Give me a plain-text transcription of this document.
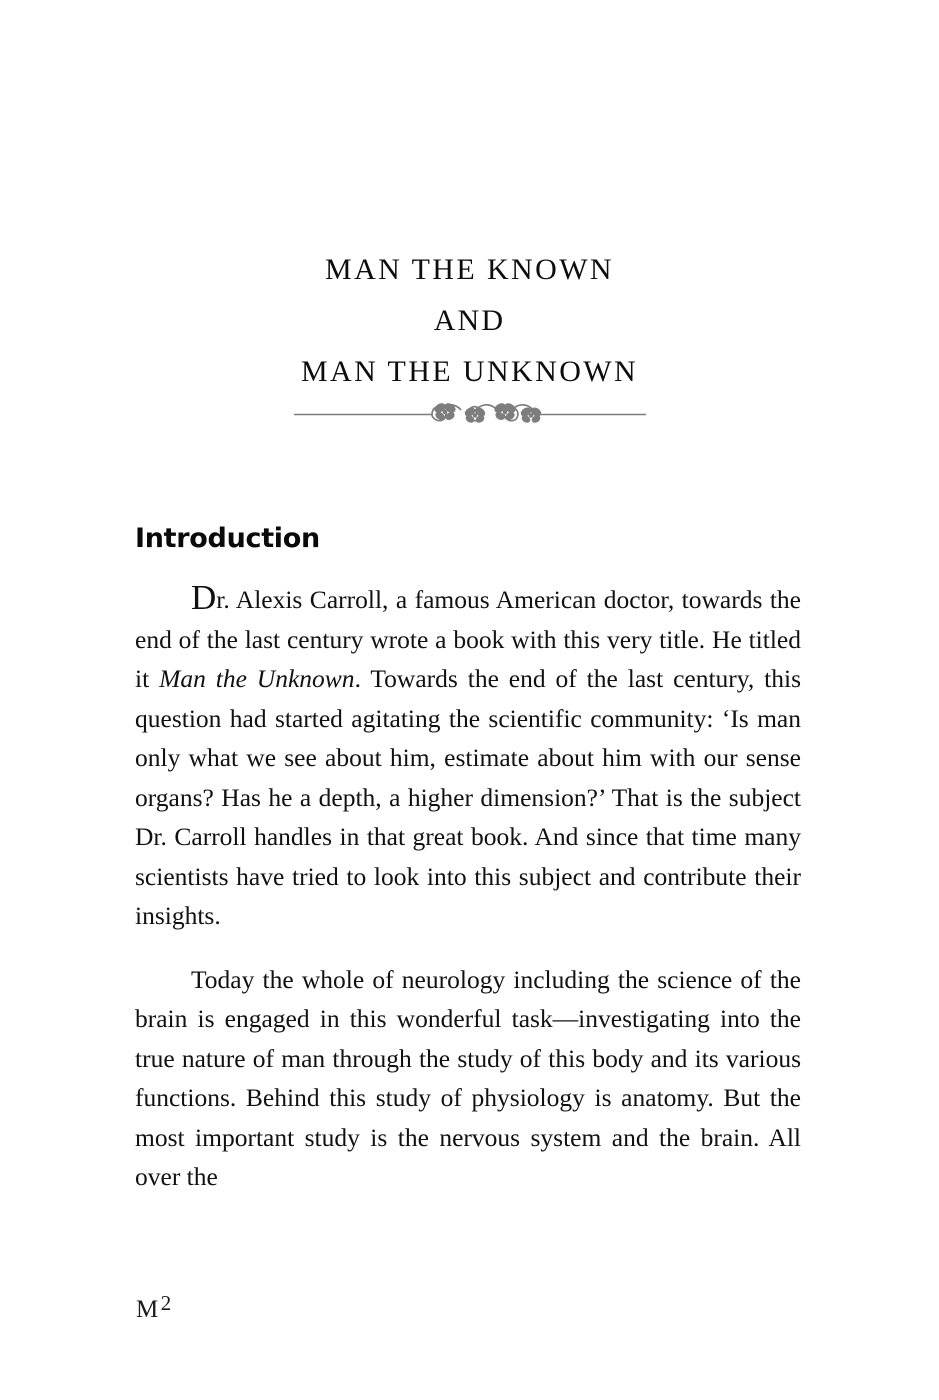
MAN THE KNOWN
AND
MAN THE UNKNOWN
Introduction

Dr. Alexis Carroll, a famous American doctor, towards the end of the last century wrote a book with this very title. He titled it Man the Unknown. Towards the end of the last century, this question had started agitating the scientific community: ‘Is man only what we see about him, estimate about him with our sense organs? Has he a depth, a higher dimension?’ That is the subject Dr. Carroll handles in that great book. And since that time many scientists have tried to look into this subject and contribute their insights.

Today the whole of neurology including the science of the brain is engaged in this wonderful task—investigating into the true nature of man through the study of this body and its various functions. Behind this study of physiology is anatomy. But the most important study is the nervous system and the brain. All over the

$M^2$
